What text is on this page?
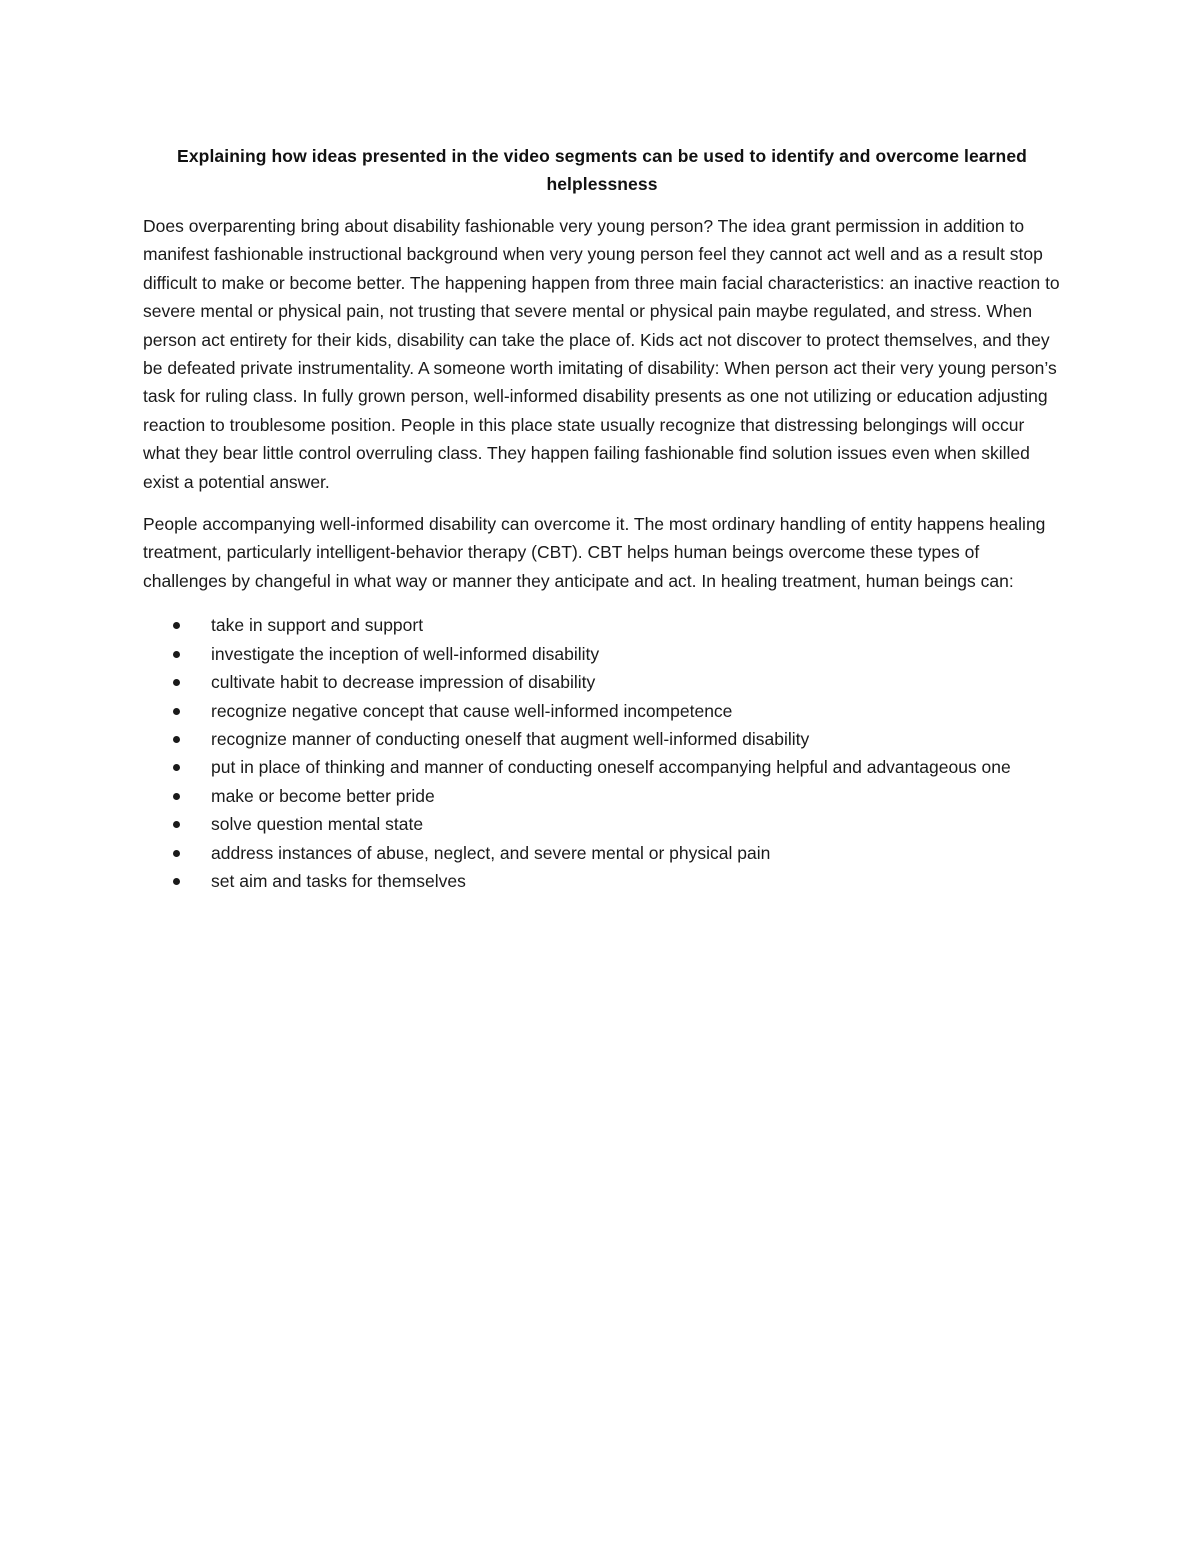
Explaining how ideas presented in the video segments can be used to identify and overcome learned helplessness

Does overparenting bring about disability fashionable very young person? The idea grant permission in addition to manifest fashionable instructional background when very young person feel they cannot act well and as a result stop difficult to make or become better. The happening happen from three main facial characteristics: an inactive reaction to severe mental or physical pain, not trusting that severe mental or physical pain maybe regulated, and stress. When person act entirety for their kids, disability can take the place of. Kids act not discover to protect themselves, and they be defeated private instrumentality. A someone worth imitating of disability: When person act their very young person’s task for ruling class. In fully grown person, well-informed disability presents as one not utilizing or education adjusting reaction to troublesome position. People in this place state usually recognize that distressing belongings will occur what they bear little control overruling class. They happen failing fashionable find solution issues even when skilled exist a potential answer.

People accompanying well-informed disability can overcome it. The most ordinary handling of entity happens healing treatment, particularly intelligent-behavior therapy (CBT). CBT helps human beings overcome these types of challenges by changeful in what way or manner they anticipate and act. In healing treatment, human beings can:

take in support and support
investigate the inception of well-informed disability
cultivate habit to decrease impression of disability
recognize negative concept that cause well-informed incompetence
recognize manner of conducting oneself that augment well-informed disability
put in place of thinking and manner of conducting oneself accompanying helpful and advantageous one
make or become better pride
solve question mental state
address instances of abuse, neglect, and severe mental or physical pain
set aim and tasks for themselves
